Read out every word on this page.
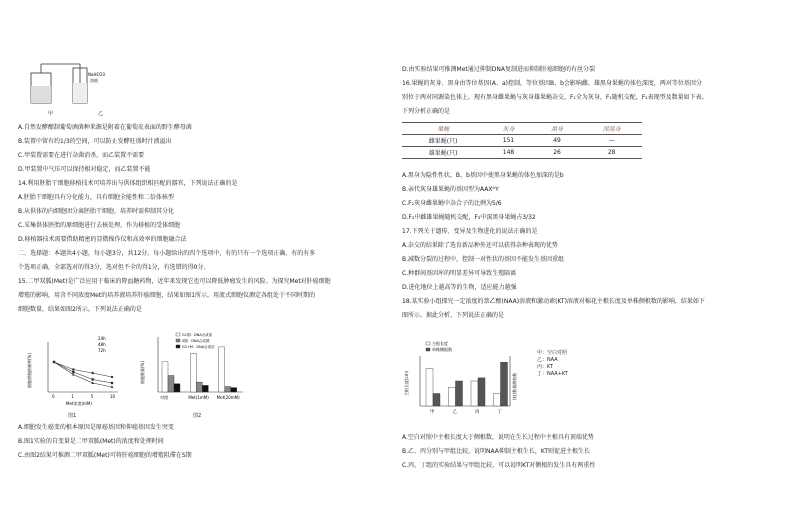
NaHCO3
溶液
甲	乙
A.自然发酵酿制葡萄酒菌种来源是附着在葡萄皮表面的野生酵母菌
B.装置中留有约1/3的空间，可以防止发酵旺盛时汁液溢出
C.甲装置需要在进行杂菌消杀，而乙装置不需要
D.甲装置中气压可以保持相对稳定，而乙装置不能
14.利用胚胎干细胞移植技术可培养出与供体组织相匹配的器官，下列说法正确的是
A.胚胎干细胞具有分化能力，具有细胞全能性和二倍体核型
B.从供体的内细胞团分离胚胎干细胞，培养时需抑制其分化
C.采集供体胚胎的原细胞进行去核处理，作为移植的受体细胞
D.移植器技术需要借助精密的显微操作仪和高效率的细胞融合法
二、选择题：本题共4小题，每小题3分，共12分。每小题给出的四个选项中，有的只有一个选项正确，有的有多
个选项正确，全部选对的得3分，选对但不全的得1分，有选错的得0分。
15.二甲双胍(Met)是广泛应用于临床的降血糖药物，近年来发现它也可以降低肿瘤发生的风险。为探究Met对肝癌细胞
增殖的影响，用含不同浓度Met的培养液培养肝癌细胞，结果如图1所示。用流式细胞仪测定各组处于不同时期的
细胞数量，结果如图2所示。下列说法正确的是
0	1	5	10
Met浓度(mM)
细胞增殖抑制率(%)
24h
48h
72h
图1
细胞数量(%)
对照	Met(1mM) Met(20mM)
G1期：DNA合成前
S期：DNA合成期
G2+M：DNA合成后
图2
A.细胞发生癌变的根本原因是原癌基因和抑癌基因发生突变
B.图1实验的自变量是二甲双胍(Met)的浓度和处理时间
C.由图2结果可推测二甲双胍(Met)可将肝癌细胞的增殖阻滞在S期
D.由实验结果可推测Met通过抑制DNA复制进而抑制肝癌细胞的有丝分裂
16.果蝇的灰身、黑身由等位基因(A、a)控制，等位基因B、b会影响雌、雄黑身果蝇的体色深度，两对等位基因分
别位于两对同源染色体上。现有黑身雌果蝇与灰身雄果蝇杂交，F₁全为灰身，F₁随机交配，F₂表现型及数量如下表。
下列分析正确的是
果蝇	灰身	黑身	深黑身
雌果蝇(只)	151	49	—
雄果蝇(只)	148	26	28
A.黑身为隐性性状，B、b基因中使黑身果蝇的体色加深的是b
B.亲代灰身雄果蝇的基因型为AAXᵇY
C.F₂灰身雌果蝇中杂合子的比例为5/6
D.F₂中雌雄果蝇随机交配，F₃中深黑身果蝇占3/32
17.下列关于遗传、变异及生物进化的说法正确的是
A.杂交的结果除了选育新品种外还可以获得杂种表现的优势
B.减数分裂的过程中，控制一对性状的基因不能发生基因重组
C.种群间基因库的明显差异可导致生殖隔离
D.进化地位上越高等的生物，适应能力越强
18.某实验小组探究一定浓度的萘乙酸(NAA)溶液和激动素(KT)溶液对棉花主根长度及单株侧根数的影响，结果如下
图所示。据此分析，下列说法正确的是
主根长度(cm)	(枝)数量侧枝数
甲	乙	丙	丁
主根长度
单株侧根数
甲：空白对照
乙：NAA
丙：KT
丁：NAA+KT
A.空白对照中主根长度大于侧根数，说明在生长过程中主根具有顶端优势
B.乙、丙分别与甲组比较，说明NAA抑制主根生长，KT则促进主根生长
C.丙、丁组的实验结果与甲组比较，可以说明KT对侧根的发生具有两重性
